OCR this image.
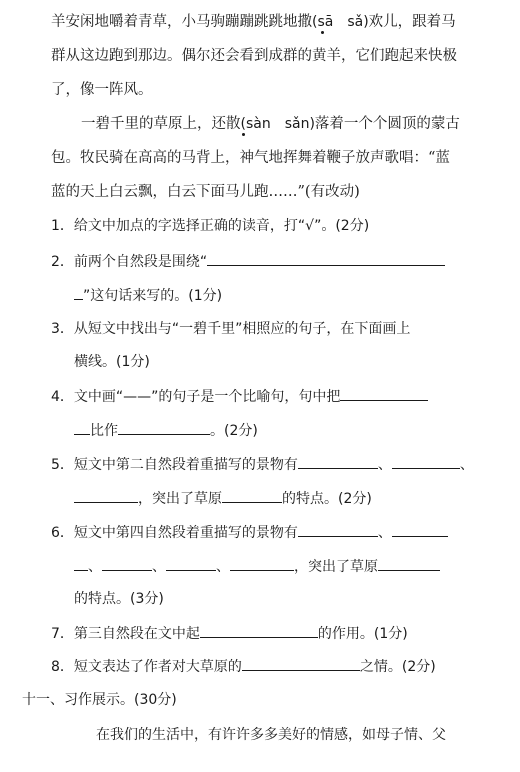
羊安闲地嚼着青草，小马驹蹦蹦跳跳地撒(sā　sǎ)欢儿，跟着马
群从这边跑到那边。偶尔还会看到成群的黄羊，它们跑起来快极
了，像一阵风。
一碧千里的草原上，还散(sàn　sǎn)落着一个个圆顶的蒙古
包。牧民骑在高高的马背上，神气地挥舞着鞭子放声歌唱：“蓝
蓝的天上白云飘，白云下面马儿跑……”(有改动)
1．给文中加点的字选择正确的读音，打“√”。(2分)
2．前两个自然段是围绕“
”这句话来写的。(1分)
3．从短文中找出与“一碧千里”相照应的句子，在下面画上
横线。(1分)
4．文中画“——”的句子是一个比喻句，句中把
比作	。(2分)
5．短文中第二自然段着重描写的景物有	、	、
，突出了草原	的特点。(2分)
6．短文中第四自然段着重描写的景物有	、
、	、	、	，突出了草原
的特点。(3分)
7．第三自然段在文中起	的作用。(1分)
8．短文表达了作者对大草原的	之情。(2分)
十一、习作展示。(30分)
在我们的生活中，有许许多多美好的情感，如母子情、父
